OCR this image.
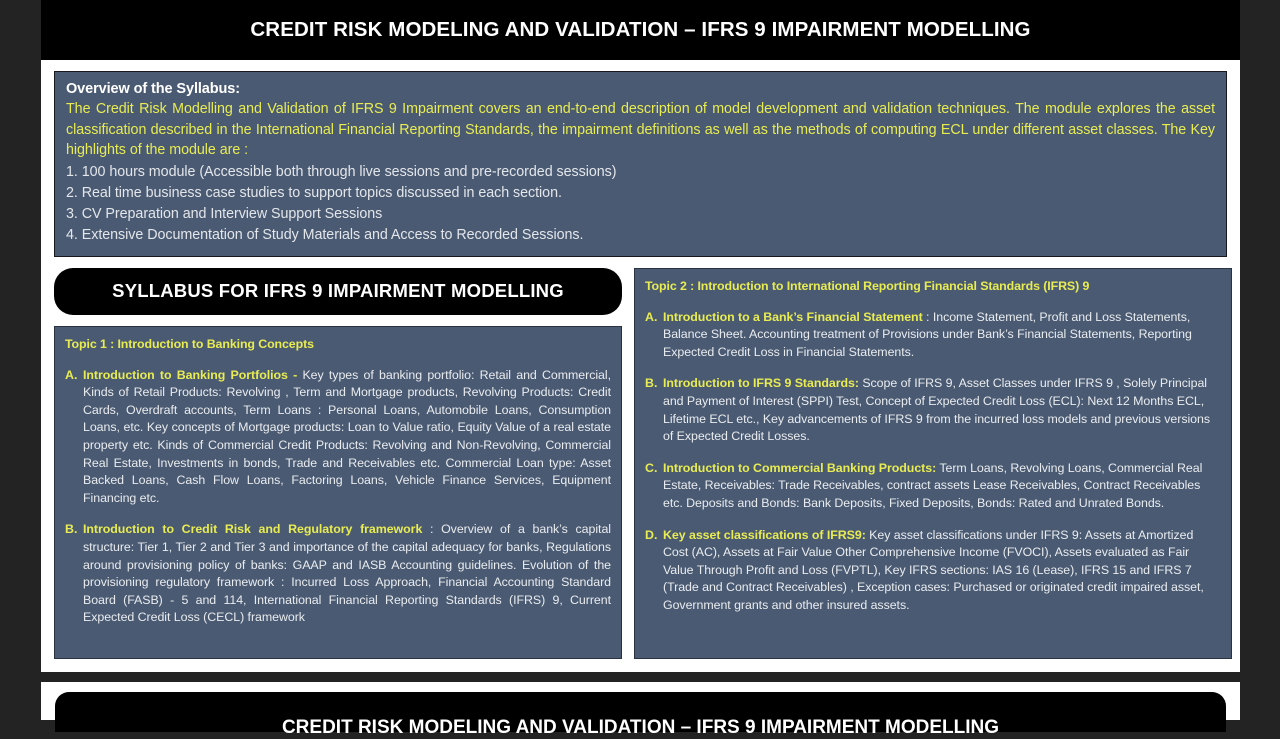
CREDIT RISK MODELING AND VALIDATION – IFRS 9 IMPAIRMENT MODELLING
Overview of the Syllabus:
The Credit Risk Modelling and Validation of IFRS 9 Impairment covers an end-to-end description of model development and validation techniques. The module explores the asset classification described in the International Financial Reporting Standards, the impairment definitions as well as the methods of computing ECL under different asset classes. The Key highlights of the module are :
1. 100 hours module (Accessible both through live sessions and pre-recorded sessions)
2. Real time business case studies to support topics discussed in each section.
3. CV Preparation and Interview Support Sessions
4. Extensive Documentation of Study Materials and Access to Recorded Sessions.
SYLLABUS FOR IFRS 9 IMPAIRMENT MODELLING
Topic 1 : Introduction to Banking Concepts
A. Introduction to Banking Portfolios - Key types of banking portfolio: Retail and Commercial, Kinds of Retail Products: Revolving , Term and Mortgage products, Revolving Products: Credit Cards, Overdraft accounts, Term Loans : Personal Loans, Automobile Loans, Consumption Loans, etc. Key concepts of Mortgage products: Loan to Value ratio, Equity Value of a real estate property etc. Kinds of Commercial Credit Products: Revolving and Non-Revolving, Commercial Real Estate, Investments in bonds, Trade and Receivables etc. Commercial Loan type: Asset Backed Loans, Cash Flow Loans, Factoring Loans, Vehicle Finance Services, Equipment Financing etc.
B. Introduction to Credit Risk and Regulatory framework : Overview of a bank’s capital structure: Tier 1, Tier 2 and Tier 3 and importance of the capital adequacy for banks, Regulations around provisioning policy of banks: GAAP and IASB Accounting guidelines. Evolution of the provisioning regulatory framework : Incurred Loss Approach, Financial Accounting Standard Board (FASB) - 5 and 114, International Financial Reporting Standards (IFRS) 9, Current Expected Credit Loss (CECL) framework
Topic 2 : Introduction to International Reporting Financial Standards (IFRS) 9
A. Introduction to a Bank’s Financial Statement : Income Statement, Profit and Loss Statements, Balance Sheet. Accounting treatment of Provisions under Bank’s Financial Statements, Reporting Expected Credit Loss in Financial Statements.
B. Introduction to IFRS 9 Standards: Scope of IFRS 9, Asset Classes under IFRS 9 , Solely Principal and Payment of Interest (SPPI) Test, Concept of Expected Credit Loss (ECL): Next 12 Months ECL, Lifetime ECL etc., Key advancements of IFRS 9 from the incurred loss models and previous versions of Expected Credit Losses.
C. Introduction to Commercial Banking Products: Term Loans, Revolving Loans, Commercial Real Estate, Receivables: Trade Receivables, contract assets Lease Receivables, Contract Receivables etc. Deposits and Bonds: Bank Deposits, Fixed Deposits, Bonds: Rated and Unrated Bonds.
D. Key asset classifications of IFRS9: Key asset classifications under IFRS 9: Assets at Amortized Cost (AC), Assets at Fair Value Other Comprehensive Income (FVOCI), Assets evaluated as Fair Value Through Profit and Loss (FVPTL), Key IFRS sections: IAS 16 (Lease), IFRS 15 and IFRS 7 (Trade and Contract Receivables) , Exception cases: Purchased or originated credit impaired asset, Government grants and other insured assets.
CREDIT RISK MODELING AND VALIDATION – IFRS 9 IMPAIRMENT MODELLING
